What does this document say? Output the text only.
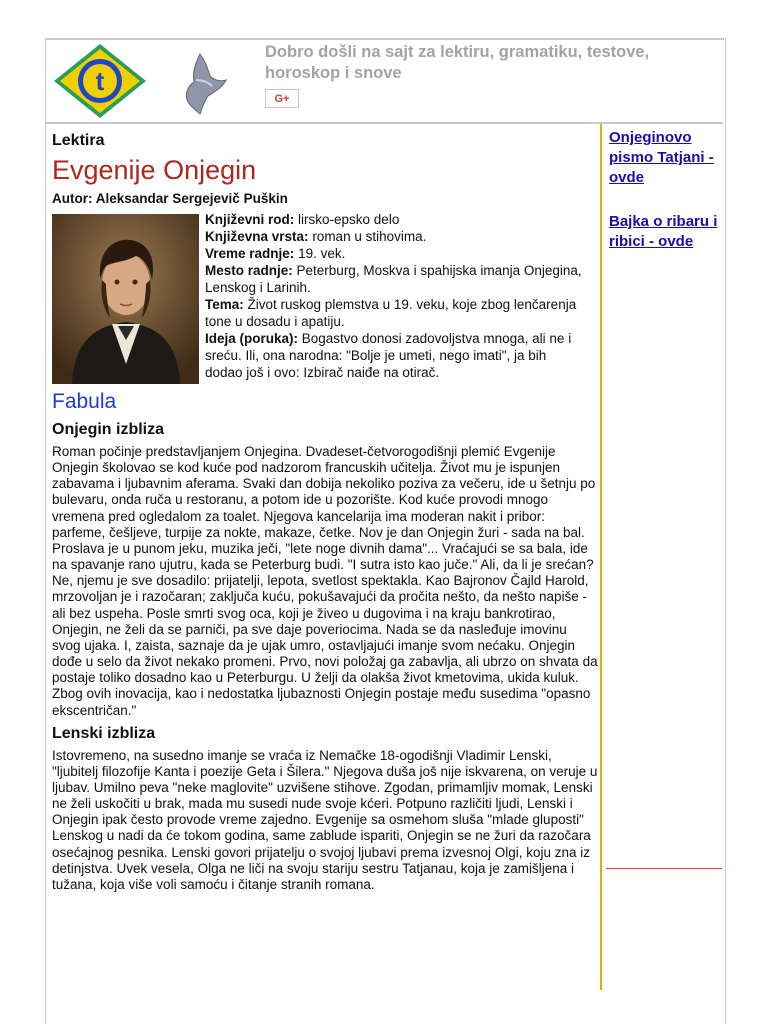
t
Dobro došli na sajt za lektiru, gramatiku, testove, horoskop i snove
G+
Lektira
Evgenije Onjegin
Autor: Aleksandar Sergejevič Puškin

Književni rod: lirsko-epsko delo

Književna vrsta: roman u stihovima.

Vreme radnje: 19. vek.

Mesto radnje: Peterburg, Moskva i spahijska imanja Onjegina, Lenskog i Larinih.

Tema: Život ruskog plemstva u 19. veku, koje zbog lenčarenja tone u dosadu i apatiju.

Ideja (poruka): Bogastvo donosi zadovoljstva mnoga, ali ne i sreću. Ili, ona narodna: "Bolje je umeti, nego imati", ja bih dodao još i ovo: Izbirač naiđe na otirač.

Fabula
Onjegin izbliza

Roman počinje predstavljanjem Onjegina. Dvadeset-četvorogodišnji plemić Evgenije Onjegin školovao se kod kuće pod nadzorom francuskih učitelja. Život mu je ispunjen zabavama i ljubavnim aferama. Svaki dan dobija nekoliko poziva za večeru, ide u šetnju po bulevaru, onda ruča u restoranu, a potom ide u pozorište. Kod kuće provodi mnogo vremena pred ogledalom za toalet. Njegova kancelarija ima moderan nakit i pribor: parfeme, češljeve, turpije za nokte, makaze, četke. Nov je dan Onjegin žuri - sada na bal. Proslava je u punom jeku, muzika ječi, "lete noge divnih dama"... Vraćajući se sa bala, ide na spavanje rano ujutru, kada se Peterburg budi. "I sutra isto kao juče." Ali, da li je srećan? Ne, njemu je sve dosadilo: prijatelji, lepota, svetlost spektakla. Kao Bajronov Čajld Harold, mrzovoljan je i razočaran; zaključa kuću, pokušavajući da pročita nešto, da nešto napiše - ali bez uspeha. Posle smrti svog oca, koji je živeo u dugovima i na kraju bankrotirao, Onjegin, ne želi da se parniči, pa sve daje poveriocima. Nada se da nasleđuje imovinu svog ujaka. I, zaista, saznaje da je ujak umro, ostavljajući imanje svom nećaku. Onjegin dođe u selo da život nekako promeni. Prvo, novi položaj ga zabavlja, ali ubrzo on shvata da postaje toliko dosadno kao u Peterburgu. U želji da olakša život kmetovima, ukida kuluk. Zbog ovih inovacija, kao i nedostatka ljubaznosti Onjegin postaje među susedima "opasno ekscentričan."

Lenski izbliza

Istovremeno, na susedno imanje se vraća iz Nemačke 18-ogodišnji Vladimir Lenski, "ljubitelj filozofije Kanta i poezije Geta i Šilera." Njegova duša još nije iskvarena, on veruje u ljubav. Umilno peva "neke maglovite" uzvišene stihove. Zgodan, primamljiv momak, Lenski ne želi uskočiti u brak, mada mu susedi nude svoje kćeri. Potpuno različiti ljudi, Lenski i Onjegin ipak često provode vreme zajedno. Evgenije sa osmehom sluša "mlade gluposti" Lenskog u nadi da će tokom godina, same zablude ispariti, Onjegin se ne žuri da razočara osećajnog pesnika. Lenski govori prijatelju o svojoj ljubavi prema izvesnoj Olgi, koju zna iz detinjstva. Uvek vesela, Olga ne liči na svoju stariju sestru Tatjanau, koja je zamišljena i tužana, koja više voli samoću i čitanje stranih romana.

Onjeginovo pismo Tatjani - ovde
Bajka o ribaru i ribici - ovde
